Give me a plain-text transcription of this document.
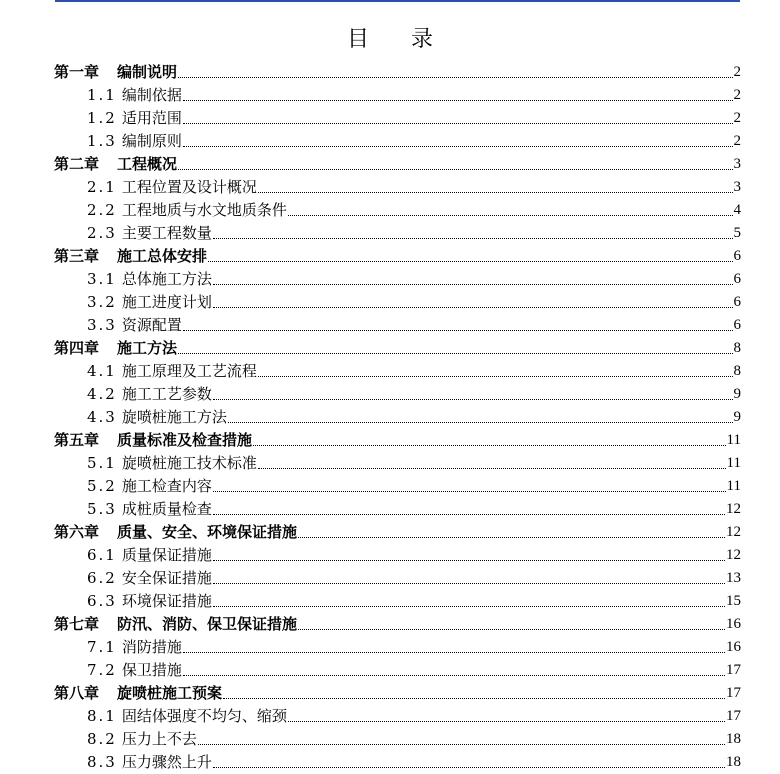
目 录
第一章 编制说明	2
1.1 编制依据	2
1.2 适用范围	2
1.3 编制原则	2
第二章 工程概况	3
2.1 工程位置及设计概况	3
2.2 工程地质与水文地质条件	4
2.3 主要工程数量	5
第三章 施工总体安排	6
3.1 总体施工方法	6
3.2 施工进度计划	6
3.3 资源配置	6
第四章 施工方法	8
4.1 施工原理及工艺流程	8
4.2 施工工艺参数	9
4.3 旋喷桩施工方法	9
第五章 质量标准及检查措施	11
5.1 旋喷桩施工技术标准	11
5.2 施工检查内容	11
5.3 成桩质量检查	12
第六章 质量、安全、环境保证措施	12
6.1 质量保证措施	12
6.2 安全保证措施	13
6.3 环境保证措施	15
第七章 防汛、消防、保卫保证措施	16
7.1 消防措施	16
7.2 保卫措施	17
第八章 旋喷桩施工预案	17
8.1 固结体强度不均匀、缩颈	17
8.2 压力上不去	18
8.3 压力骤然上升	18
